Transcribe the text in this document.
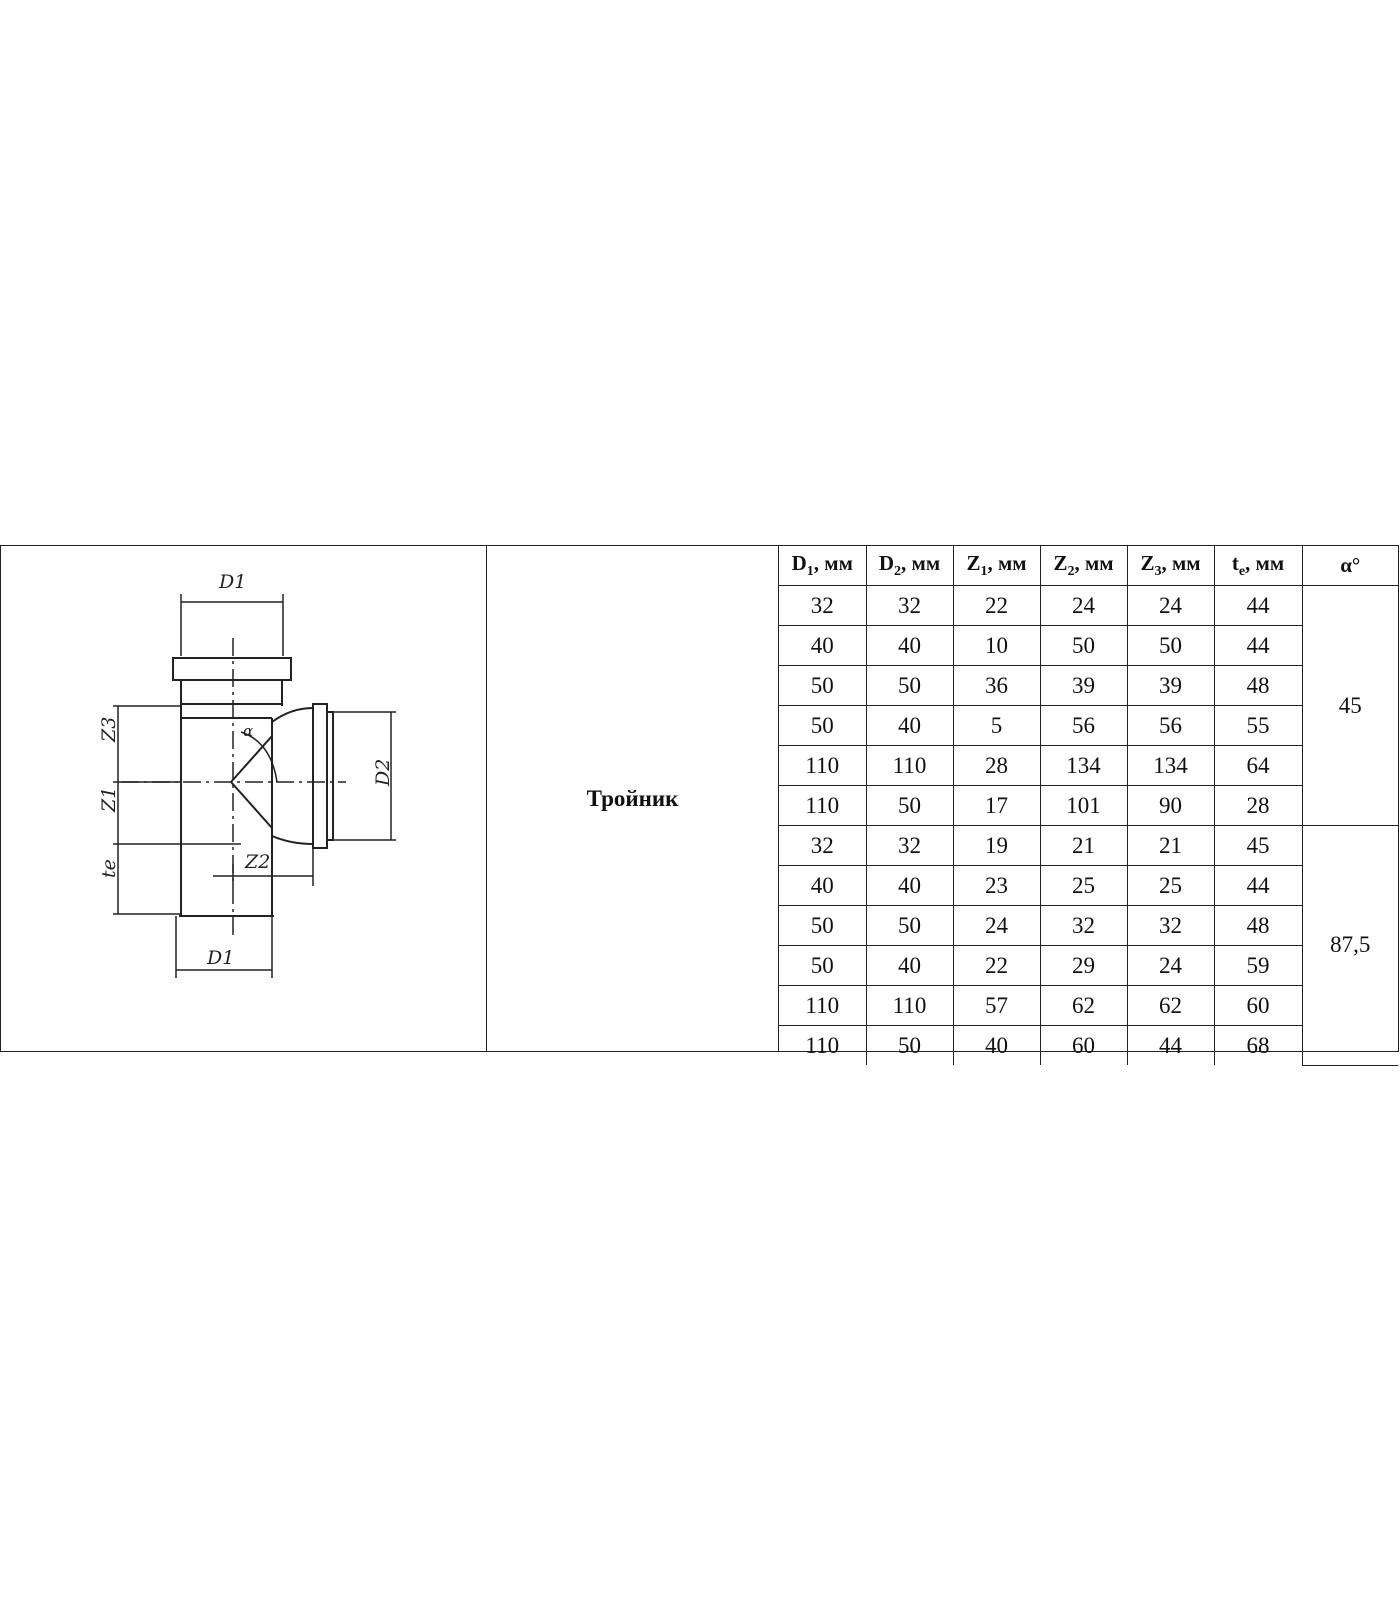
D1
D1
D2
Z3
Z1
te	Z2
α
Тройник
$D_1$, мм	$D_2$, мм	$Z_1$, мм	$Z_2$, мм	$Z_3$, мм	$t_e$, мм	α°
32	32	22	24	24	44	45
40	40	10	50	50	44	
50	50	36	39	39	48	
50	40	5	56	56	55	
110	110	28	134	134	64	
110	50	17	101	90	28	
32	32	19	21	21	45	87,5
40	40	23	25	25	44	
50	50	24	32	32	48	
50	40	22	29	24	59	
110	110	57	62	62	60	
110	50	40	60	44	68	
